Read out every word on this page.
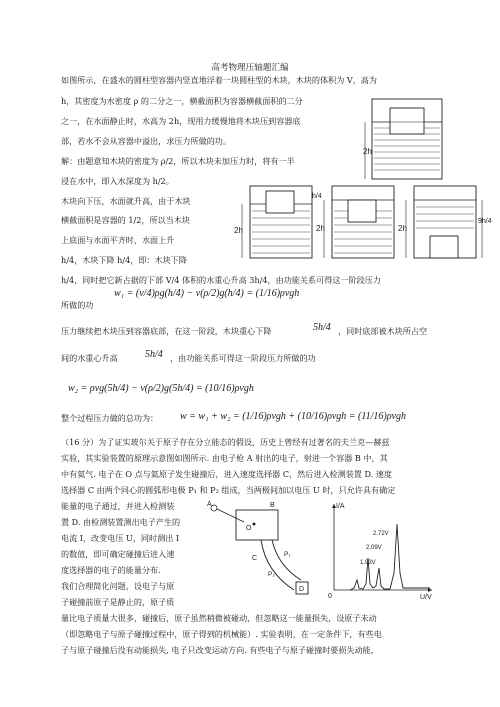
高考物理压轴题汇编
如图所示，在盛水的圆柱型容器内竖直地浮着一块圆柱型的木块，木块的体积为 V，高为
h，其密度为水密度 ρ 的二分之一，横截面积为容器横截面积的二分
之一，在水面静止时，水高为 2h，现用力缓慢地将木块压到容器底
部，若水不会从容器中溢出，求压力所做的功。
解：由题意知木块的密度为 ρ/2，所以木块未加压力时，将有一半
浸在水中，即入水深度为 h/2。
木块向下压，水面就升高，由于木块
横截面积是容器的 1/2，所以当木块
上底面与水面平齐时，水面上升
h/4，木块下降 h/4，即：木块下降
h/4，同时把它新占据的下部 V/4 体积的水重心升高 3h/4，由功能关系可得这一阶段压力
所做的功
w₁ = (v/4)ρg(h/4) − v(ρ/2)g(h/4) = (1/16)ρvgh
压力继续把木块压到容器底部，在这一阶段，木块重心下降	5h/4 ，同时底部被木块所占空
间的水重心升高	5h/4 ，由功能关系可得这一阶段压力所做的功
w₂ = ρvg(5h/4) − v(ρ/2)g(5h/4) = (10/16)ρvgh
整个过程压力做的总功为： w = w₁ + w₂ = (1/16)ρvgh + (10/16)ρvgh = (11/16)ρvgh
（16 分）为了证实玻尔关于原子存在分立能态的假设，历史上曾经有过著名的夫兰克—赫兹
实验，其实验装置的原理示意图如图所示. 由电子枪 A 射出的电子，射进一个容器 B 中，其
中有氦气. 电子在 O 点与氦原子发生碰撞后，进入速度选择器 C，然后进入检测装置 D. 速度
选择器 C 由两个同心的圆弧形电极 P₁ 和 P₂ 组成，当两极间加以电压 U 时，只允许具有确定
能量的电子通过，并进入检测装
置 D. 由检测装置测出电子产生的
电流 I，改变电压 U，同时测出 I
的数值，即可确定碰撞后进入速
度选择器的电子的能量分布.
我们合理简化问题，设电子与原
子碰撞前原子是静止的，原子质
量比电子质量大很多，碰撞后，原子虽然稍微被碰动，但忽略这一能量损失，设原子未动
（即忽略电子与原子碰撞过程中，原子得到的机械能）. 实验表明，在一定条件下，有些电
子与原子碰撞后没有动能损失, 电子只改变运动方向. 有些电子与原子碰撞时要损失动能,
2h
2h	2h
h/4
2h
9h/4
A	B
O
C
P₁
P₂
D
I/A
U/V
0
2.72V
2.09V
1.93V
